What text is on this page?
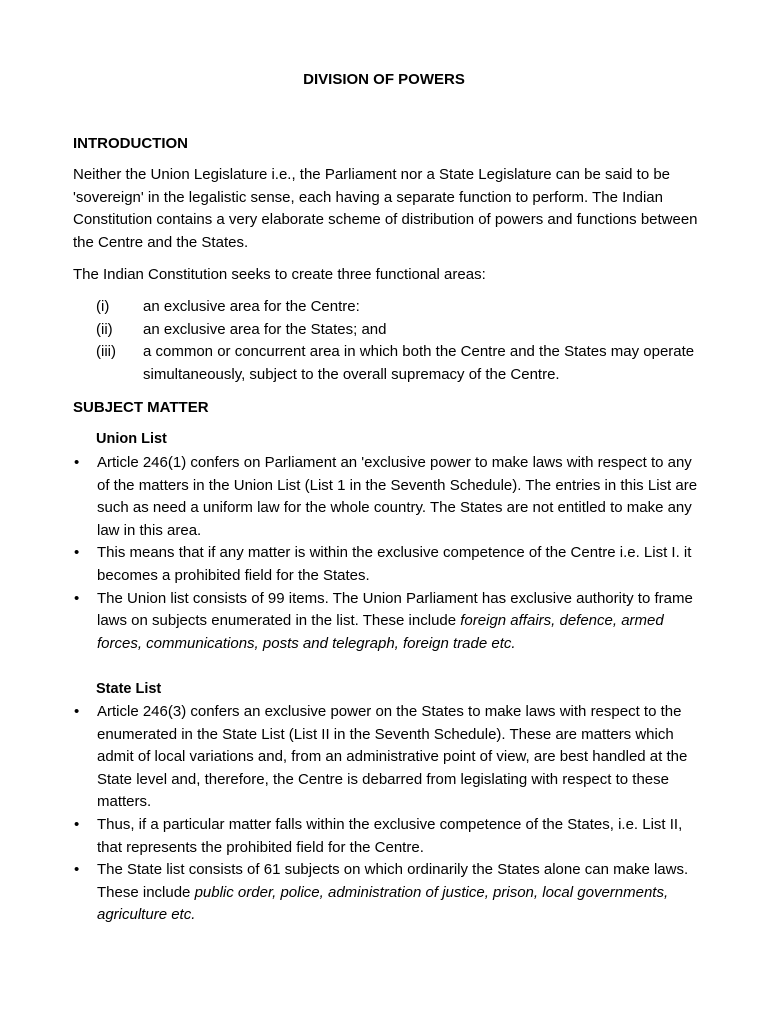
DIVISION OF POWERS
INTRODUCTION
Neither the Union Legislature i.e., the Parliament nor a State Legislature can be said to be 'sovereign' in the legalistic sense, each having a separate function to perform. The Indian Constitution contains a very elaborate scheme of distribution of powers and functions between the Centre and the States.
The Indian Constitution seeks to create three functional areas:
(i) an exclusive area for the Centre:
(ii) an exclusive area for the States; and
(iii) a common or concurrent area in which both the Centre and the States may operate simultaneously, subject to the overall supremacy of the Centre.
SUBJECT MATTER
Union List
• Article 246(1) confers on Parliament an 'exclusive power to make laws with respect to any of the matters in the Union List (List 1 in the Seventh Schedule). The entries in this List are such as need a uniform law for the whole country. The States are not entitled to make any law in this area.
• This means that if any matter is within the exclusive competence of the Centre i.e. List I. it becomes a prohibited field for the States.
• The Union list consists of 99 items. The Union Parliament has exclusive authority to frame laws on subjects enumerated in the list. These include foreign affairs, defence, armed forces, communications, posts and telegraph, foreign trade etc.
State List
• Article 246(3) confers an exclusive power on the States to make laws with respect to the enumerated in the State List (List II in the Seventh Schedule). These are matters which admit of local variations and, from an administrative point of view, are best handled at the State level and, therefore, the Centre is debarred from legislating with respect to these matters.
• Thus, if a particular matter falls within the exclusive competence of the States, i.e. List II, that represents the prohibited field for the Centre.
• The State list consists of 61 subjects on which ordinarily the States alone can make laws. These include public order, police, administration of justice, prison, local governments, agriculture etc.
